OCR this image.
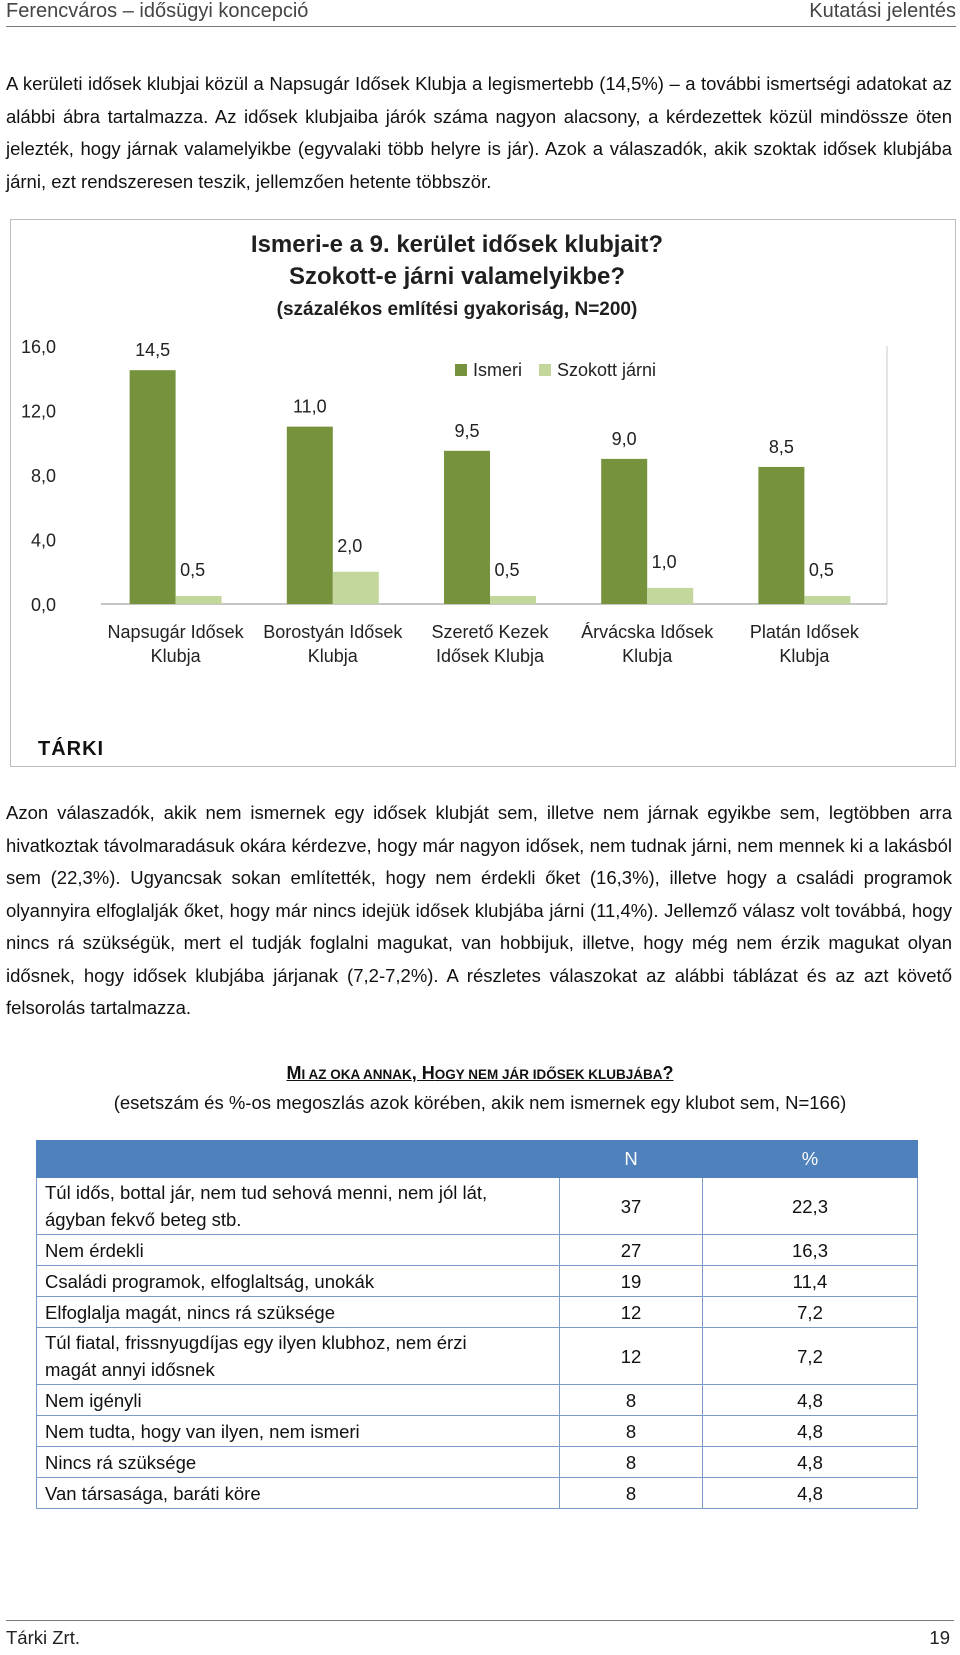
Ferencváros – idősügyi koncepció	Kutatási jelentés
A kerületi idősek klubjai közül a Napsugár Idősek Klubja a legismertebb (14,5%) – a további ismertségi adatokat az alábbi ábra tartalmazza. Az idősek klubjaiba járók száma nagyon alacsony, a kérdezettek közül mindössze öten jelezték, hogy járnak valamelyikbe (egyvalaki több helyre is jár). Azok a válaszadók, akik szoktak idősek klubjába járni, ezt rendszeresen teszik, jellemzően hetente többször.
Ismeri-e a 9. kerület idősek klubjait?
Szokott-e járni valamelyikbe?
(százalékos említési gyakoriság, N=200)
0,0
4,0
8,0
12,0
16,0	14,5
0,5
Napsugár Idősek
Klubja
11,0
2,0
Borostyán Idősek
Klubja
9,5
0,5
Szerető Kezek
Idősek Klubja
9,0
1,0
Árvácska Idősek
Klubja
8,5
0,5
Platán Idősek
Klubja
Ismeri Szokott járni
TÁRKI
Azon válaszadók, akik nem ismernek egy idősek klubját sem, illetve nem járnak egyikbe sem, legtöbben arra hivatkoztak távolmaradásuk okára kérdezve, hogy már nagyon idősek, nem tudnak járni, nem mennek ki a lakásból sem (22,3%). Ugyancsak sokan említették, hogy nem érdekli őket (16,3%), illetve hogy a családi programok olyannyira elfoglalják őket, hogy már nincs idejük idősek klubjába járni (11,4%). Jellemző válasz volt továbbá, hogy nincs rá szükségük, mert el tudják foglalni magukat, van hobbijuk, illetve, hogy még nem érzik magukat olyan idősnek, hogy idősek klubjába járjanak (7,2-7,2%). A részletes válaszokat az alábbi táblázat és az azt követő felsorolás tartalmazza.
MI AZ OKA ANNAK, HOGY NEM JÁR IDŐSEK KLUBJÁBA?
(esetszám és %-os megoszlás azok körében, akik nem ismernek egy klubot sem, N=166)
	N	%

Túl idős, bottal jár, nem tud sehová menni, nem jól lát,
ágyban fekvő beteg stb.	37	22,3

Nem érdekli	27	16,3

Családi programok, elfoglaltság, unokák	19	11,4

Elfoglalja magát, nincs rá szüksége	12	7,2

Túl fiatal, frissnyugdíjas egy ilyen klubhoz, nem érzi
magát annyi idősnek	12	7,2

Nem igényli	8	4,8

Nem tudta, hogy van ilyen, nem ismeri	8	4,8

Nincs rá szüksége	8	4,8

Van társasága, baráti köre	8	4,8
Tárki Zrt.	19
